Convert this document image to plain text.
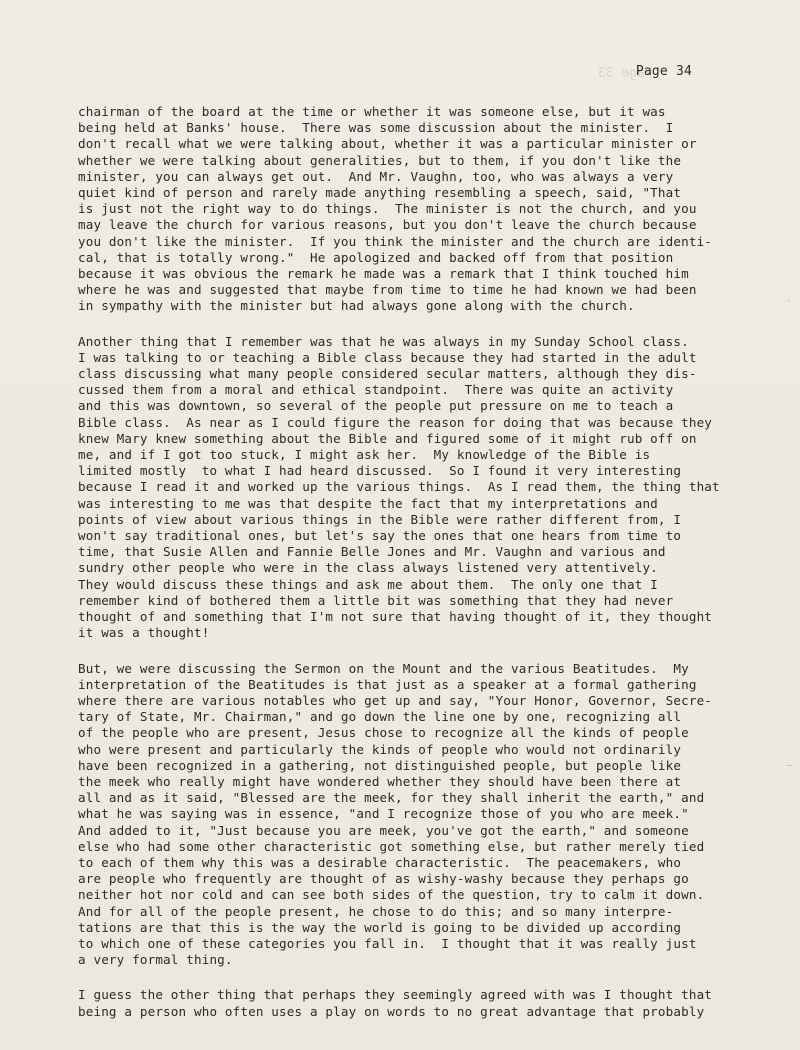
Page 33
Page 34
chairman of the board at the time or whether it was someone else, but it was
being held at Banks' house.  There was some discussion about the minister.  I
don't recall what we were talking about, whether it was a particular minister or
whether we were talking about generalities, but to them, if you don't like the
minister, you can always get out.  And Mr. Vaughn, too, who was always a very
quiet kind of person and rarely made anything resembling a speech, said, "That
is just not the right way to do things.  The minister is not the church, and you
may leave the church for various reasons, but you don't leave the church because
you don't like the minister.  If you think the minister and the church are identi-
cal, that is totally wrong."  He apologized and backed off from that position
because it was obvious the remark he made was a remark that I think touched him
where he was and suggested that maybe from time to time he had known we had been
in sympathy with the minister but had always gone along with the church.
Another thing that I remember was that he was always in my Sunday School class.
I was talking to or teaching a Bible class because they had started in the adult
class discussing what many people considered secular matters, although they dis-
cussed them from a moral and ethical standpoint.  There was quite an activity
and this was downtown, so several of the people put pressure on me to teach a
Bible class.  As near as I could figure the reason for doing that was because they
knew Mary knew something about the Bible and figured some of it might rub off on
me, and if I got too stuck, I might ask her.  My knowledge of the Bible is
limited mostly  to what I had heard discussed.  So I found it very interesting
because I read it and worked up the various things.  As I read them, the thing that
was interesting to me was that despite the fact that my interpretations and
points of view about various things in the Bible were rather different from, I
won't say traditional ones, but let's say the ones that one hears from time to
time, that Susie Allen and Fannie Belle Jones and Mr. Vaughn and various and
sundry other people who were in the class always listened very attentively.
They would discuss these things and ask me about them.  The only one that I
remember kind of bothered them a little bit was something that they had never
thought of and something that I'm not sure that having thought of it, they thought
it was a thought!
But, we were discussing the Sermon on the Mount and the various Beatitudes.  My
interpretation of the Beatitudes is that just as a speaker at a formal gathering
where there are various notables who get up and say, "Your Honor, Governor, Secre-
tary of State, Mr. Chairman," and go down the line one by one, recognizing all
of the people who are present, Jesus chose to recognize all the kinds of people
who were present and particularly the kinds of people who would not ordinarily
have been recognized in a gathering, not distinguished people, but people like
the meek who really might have wondered whether they should have been there at
all and as it said, "Blessed are the meek, for they shall inherit the earth," and
what he was saying was in essence, "and I recognize those of you who are meek."
And added to it, "Just because you are meek, you've got the earth," and someone
else who had some other characteristic got something else, but rather merely tied
to each of them why this was a desirable characteristic.  The peacemakers, who
are people who frequently are thought of as wishy-washy because they perhaps go
neither hot nor cold and can see both sides of the question, try to calm it down.
And for all of the people present, he chose to do this; and so many interpre-
tations are that this is the way the world is going to be divided up according
to which one of these categories you fall in.  I thought that it was really just
a very formal thing.
I guess the other thing that perhaps they seemingly agreed with was I thought that
being a person who often uses a play on words to no great advantage that probably
·
–
